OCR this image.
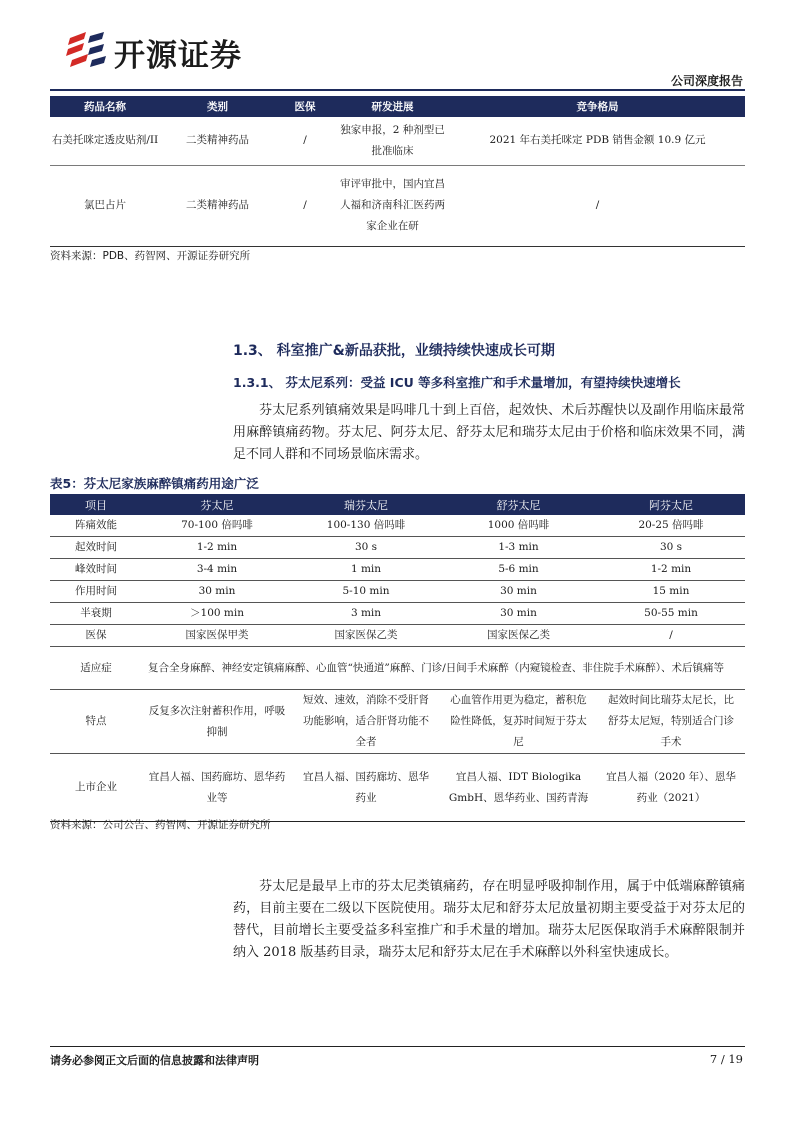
开源证券
公司深度报告
药品名称	类别	医保	研发进展	竞争格局
右美托咪定透皮贴剂/II	二类精神药品	/	独家申报，2 种剂型已批准临床	2021 年右美托咪定 PDB 销售金额 10.9 亿元
氯巴占片	二类精神药品	/	审评审批中，国内宜昌人福和济南科汇医药两家企业在研	/
资料来源：PDB、药智网、开源证券研究所
1.3、 科室推广&新品获批，业绩持续快速成长可期
1.3.1、 芬太尼系列：受益 ICU 等多科室推广和手术量增加，有望持续快速增长
芬太尼系列镇痛效果是吗啡几十到上百倍，起效快、术后苏醒快以及副作用临床最常用麻醉镇痛药物。芬太尼、阿芬太尼、舒芬太尼和瑞芬太尼由于价格和临床效果不同，满足不同人群和不同场景临床需求。
表5：芬太尼家族麻醉镇痛药用途广泛
项目	芬太尼	瑞芬太尼	舒芬太尼	阿芬太尼
阵痛效能	70-100 倍吗啡	100-130 倍吗啡	1000 倍吗啡	20-25 倍吗啡
起效时间	1-2 min	30 s	1-3 min	30 s
峰效时间	3-4 min	1 min	5-6 min	1-2 min
作用时间	30 min	5-10 min	30 min	15 min
半衰期	＞100 min	3 min	30 min	50-55 min
医保	国家医保甲类	国家医保乙类	国家医保乙类	/
适应症	复合全身麻醉、神经安定镇痛麻醉、心血管“快通道”麻醉、门诊/日间手术麻醉（内窥镜检查、非住院手术麻醉）、术后镇痛等			
特点	反复多次注射蓄积作用，呼吸抑制	短效、速效，消除不受肝肾功能影响，适合肝肾功能不全者	心血管作用更为稳定，蓄积危险性降低，复苏时间短于芬太尼	起效时间比瑞芬太尼长，比舒芬太尼短，特别适合门诊手术
上市企业	宜昌人福、国药廊坊、恩华药业等	宜昌人福、国药廊坊、恩华药业	宜昌人福、IDT Biologika GmbH、恩华药业、国药青海	宜昌人福（2020 年）、恩华药业（2021）
资料来源：公司公告、药智网、开源证券研究所
芬太尼是最早上市的芬太尼类镇痛药，存在明显呼吸抑制作用，属于中低端麻醉镇痛药，目前主要在二级以下医院使用。瑞芬太尼和舒芬太尼放量初期主要受益于对芬太尼的替代，目前增长主要受益多科室推广和手术量的增加。瑞芬太尼医保取消手术麻醉限制并纳入 2018 版基药目录，瑞芬太尼和舒芬太尼在手术麻醉以外科室快速成长。
请务必参阅正文后面的信息披露和法律声明	7 / 19
